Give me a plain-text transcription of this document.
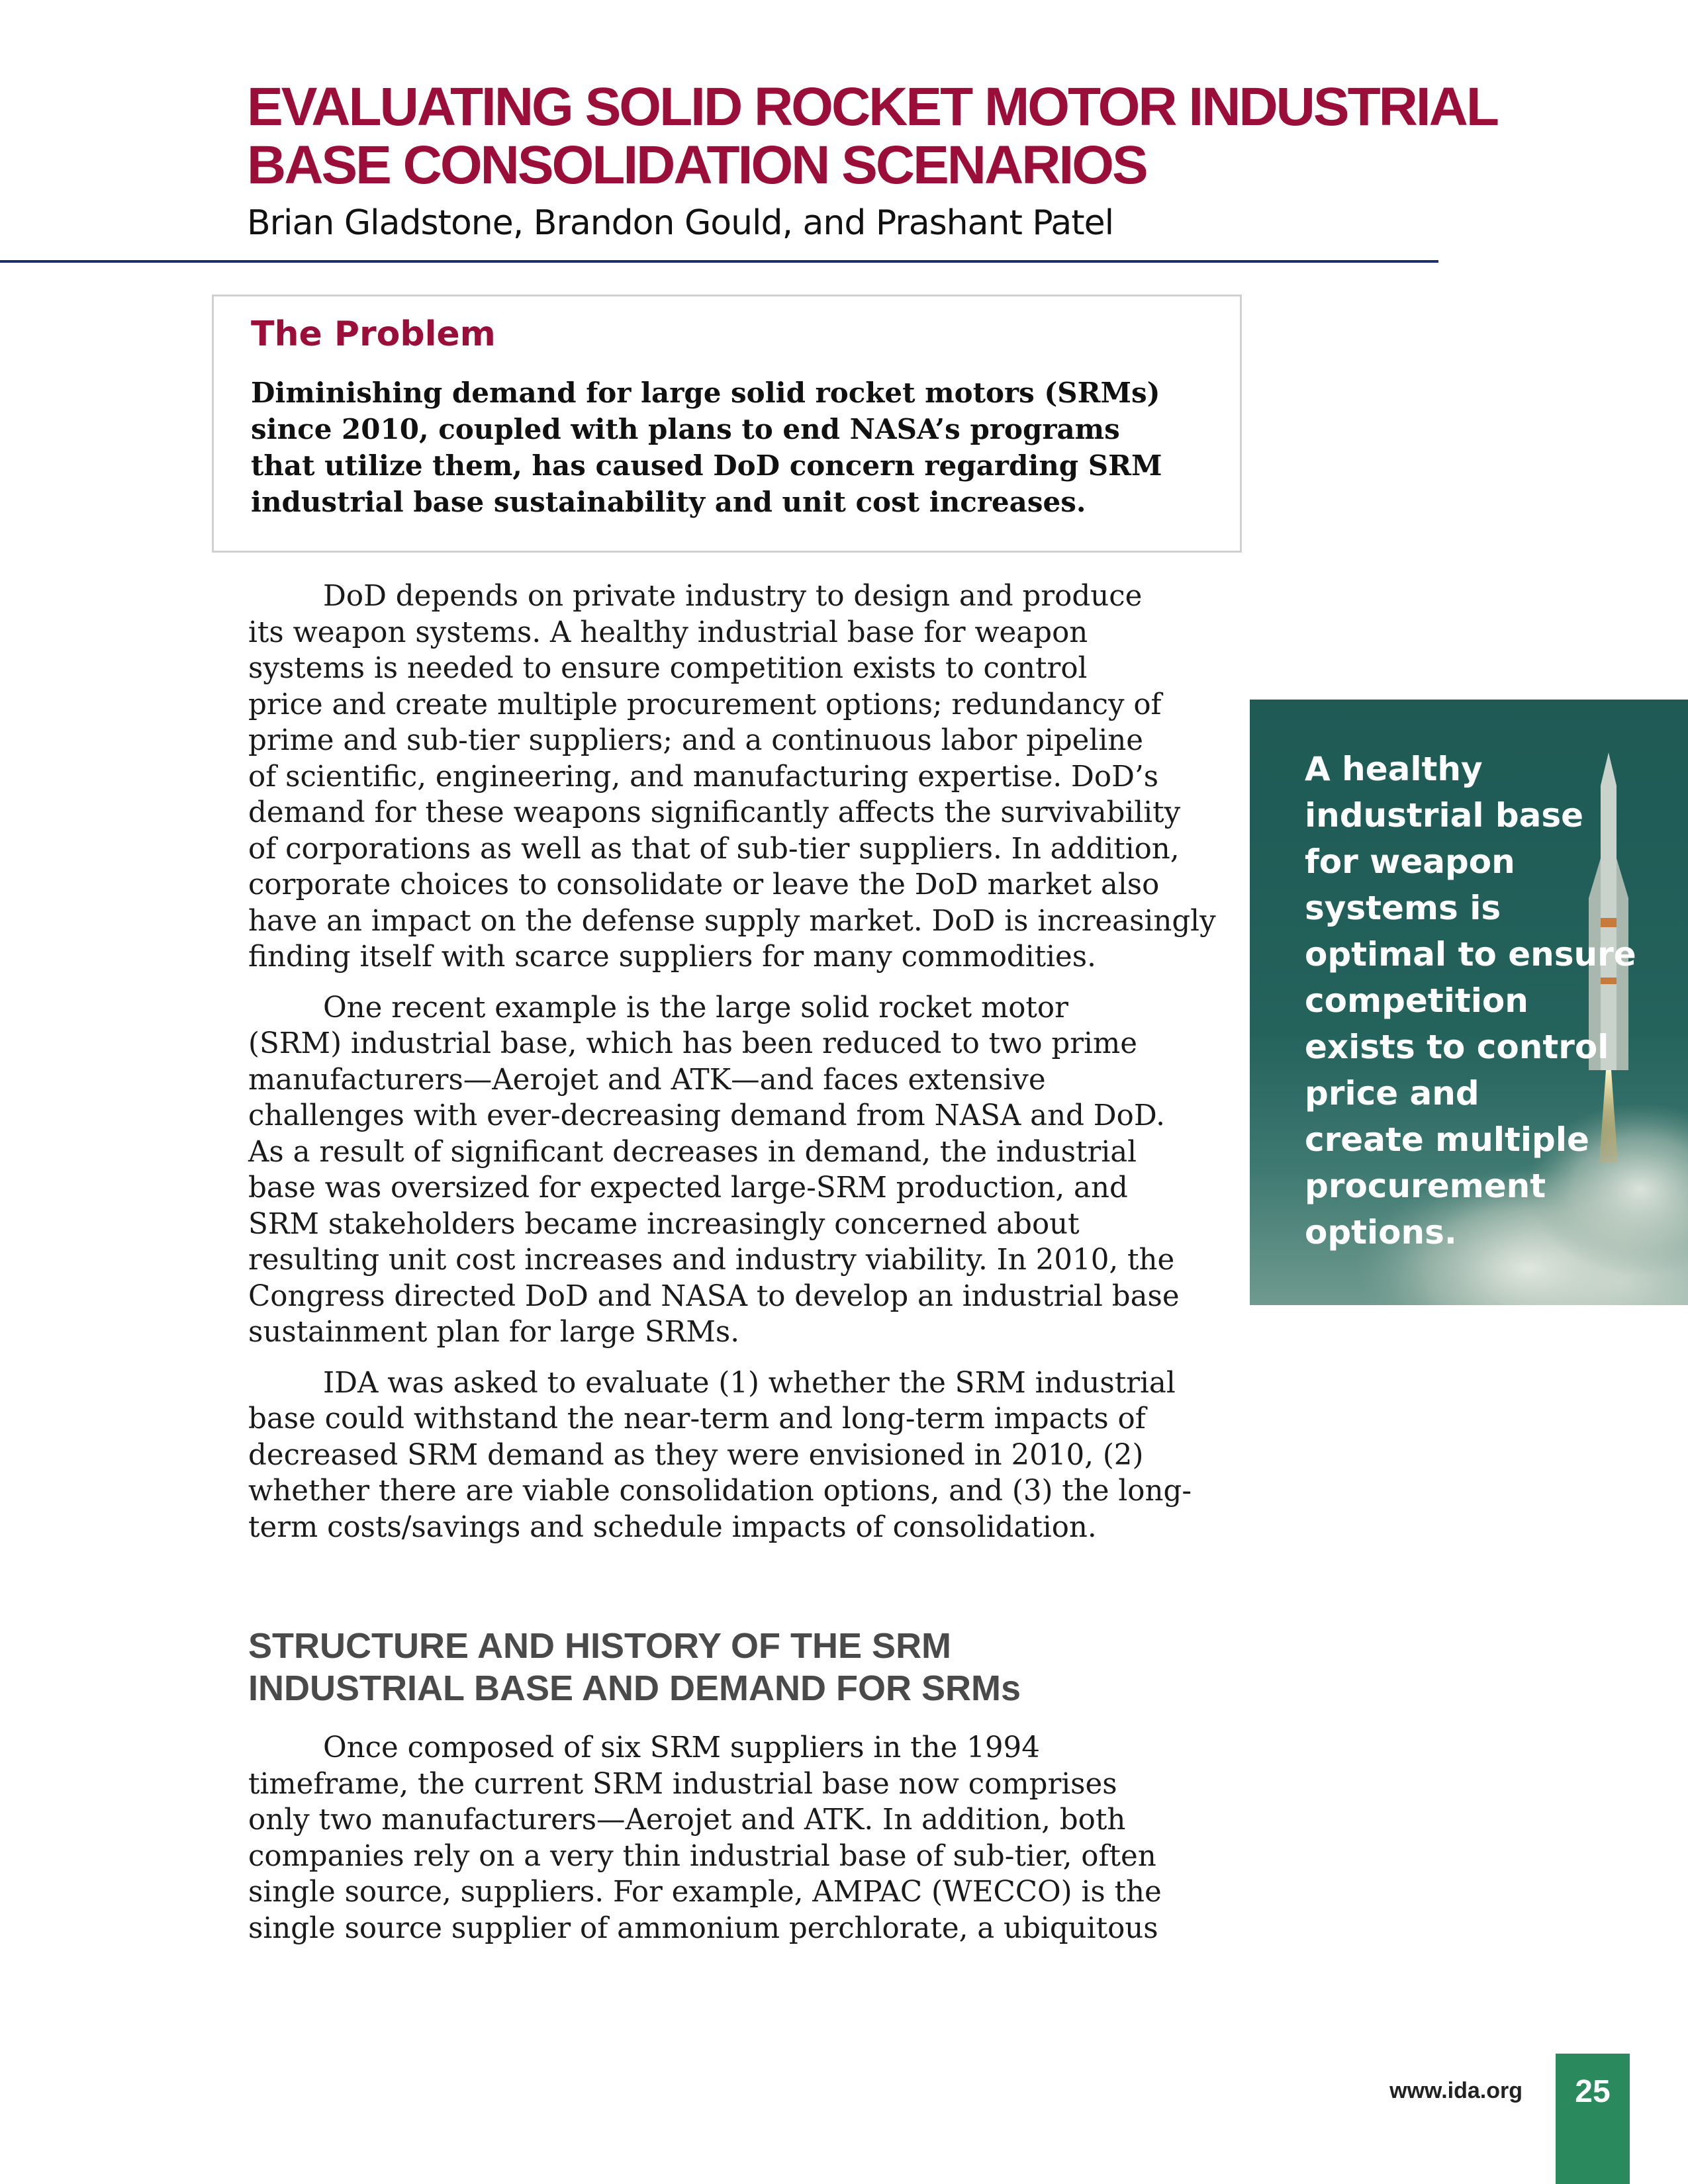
EVALUATING SOLID ROCKET MOTOR INDUSTRIAL
BASE CONSOLIDATION SCENARIOS

Brian Gladstone, Brandon Gould, and Prashant Patel

The Problem

Diminishing demand for large solid rocket motors (SRMs)
since 2010, coupled with plans to end NASA’s programs
that utilize them, has caused DoD concern regarding SRM
industrial base sustainability and unit cost increases.

DoD depends on private industry to design and produce
its weapon systems. A healthy industrial base for weapon
systems is needed to ensure competition exists to control
price and create multiple procurement options; redundancy of
prime and sub-tier suppliers; and a continuous labor pipeline
of scientific, engineering, and manufacturing expertise. DoD’s
demand for these weapons significantly affects the survivability
of corporations as well as that of sub-tier suppliers. In addition,
corporate choices to consolidate or leave the DoD market also
have an impact on the defense supply market. DoD is increasingly
finding itself with scarce suppliers for many commodities.

One recent example is the large solid rocket motor
(SRM) industrial base, which has been reduced to two prime
manufacturers—Aerojet and ATK—and faces extensive
challenges with ever-decreasing demand from NASA and DoD.
As a result of significant decreases in demand, the industrial
base was oversized for expected large-SRM production, and
SRM stakeholders became increasingly concerned about
resulting unit cost increases and industry viability. In 2010, the
Congress directed DoD and NASA to develop an industrial base
sustainment plan for large SRMs.

IDA was asked to evaluate (1) whether the SRM industrial
base could withstand the near-term and long-term impacts of
decreased SRM demand as they were envisioned in 2010, (2)
whether there are viable consolidation options, and (3) the long-
term costs/savings and schedule impacts of consolidation.

STRUCTURE AND HISTORY OF THE SRM
INDUSTRIAL BASE AND DEMAND FOR SRMs

Once composed of six SRM suppliers in the 1994
timeframe, the current SRM industrial base now comprises
only two manufacturers—Aerojet and ATK. In addition, both
companies rely on a very thin industrial base of sub-tier, often
single source, suppliers. For example, AMPAC (WECCO) is the
single source supplier of ammonium perchlorate, a ubiquitous

A healthy
industrial base
for weapon
systems is
optimal to ensure
competition
exists to control
price and
create multiple
procurement
options.

www.ida.org	25
